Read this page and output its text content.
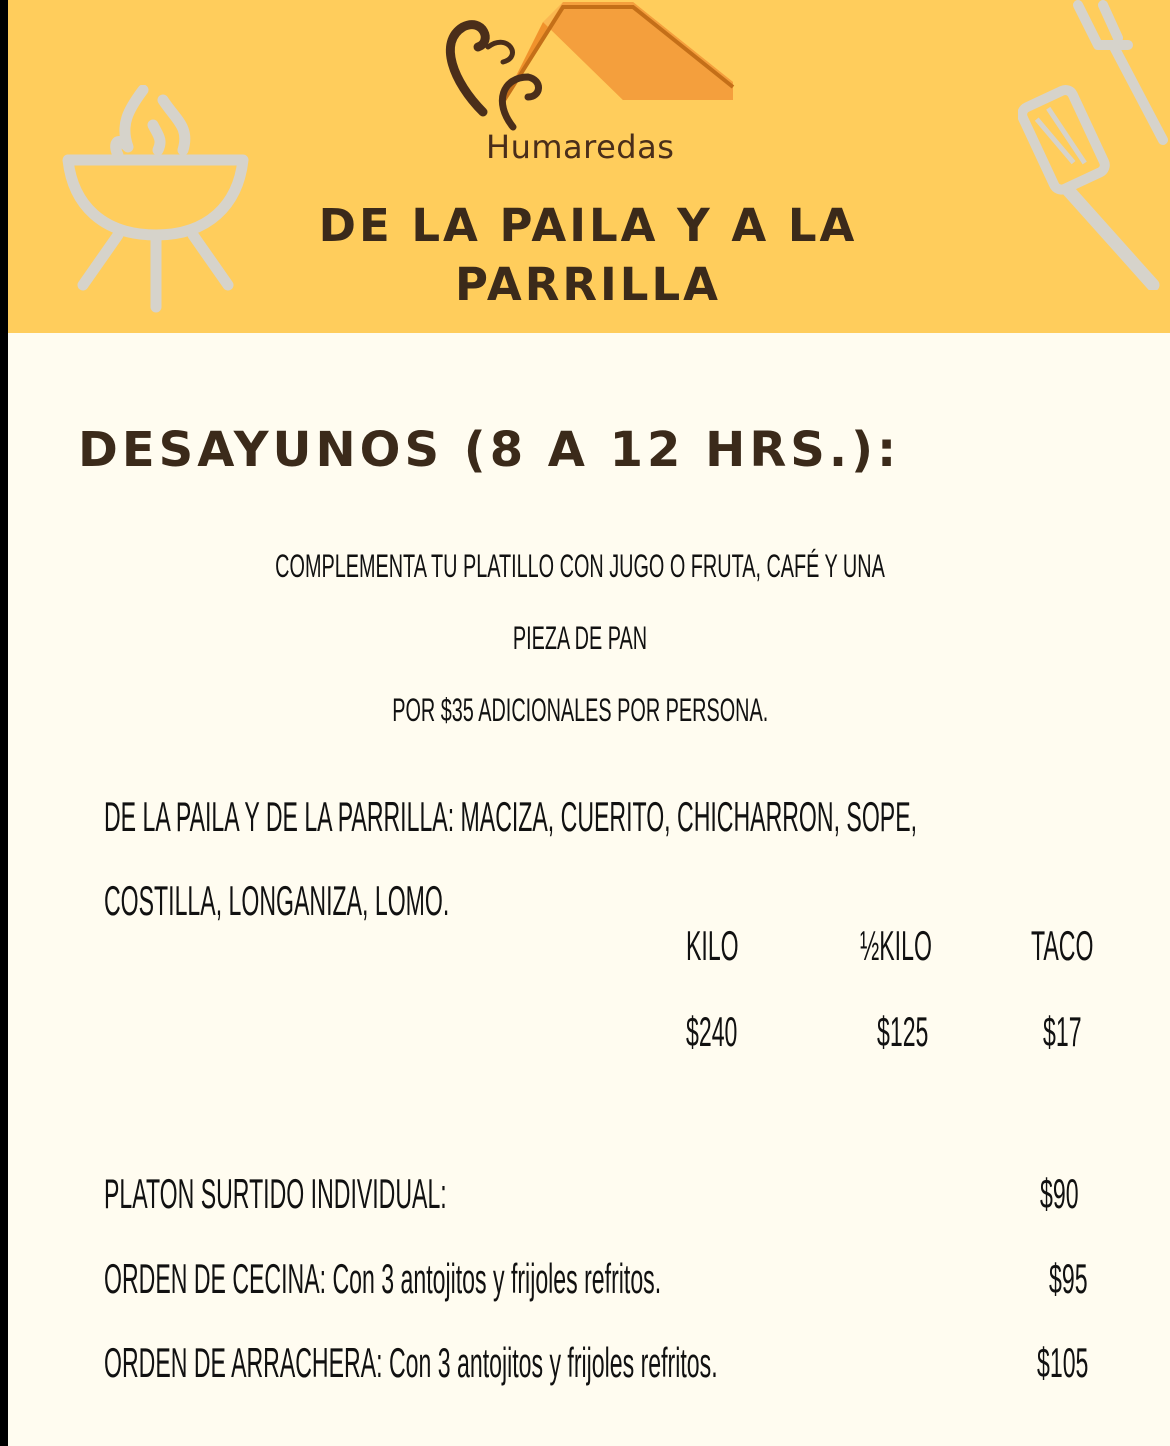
Humaredas
DE LA PAILA Y A LA
PARRILLA
DESAYUNOS (8 A 12 HRS.):
COMPLEMENTA TU PLATILLO CON JUGO O FRUTA, CAFÉ Y UNA PIEZA DE PAN
POR $35 ADICIONALES POR PERSONA.
DE LA PAILA Y DE LA PARRILLA: MACIZA, CUERITO, CHICHARRON, SOPE,
COSTILLA, LONGANIZA, LOMO.
KILO	½KILO TACO
$240	$125	$17
PLATON SURTIDO INDIVIDUAL:	$90
ORDEN DE CECINA: Con 3 antojitos y frijoles refritos.	$95
ORDEN DE ARRACHERA: Con 3 antojitos y frijoles refritos.	$105
